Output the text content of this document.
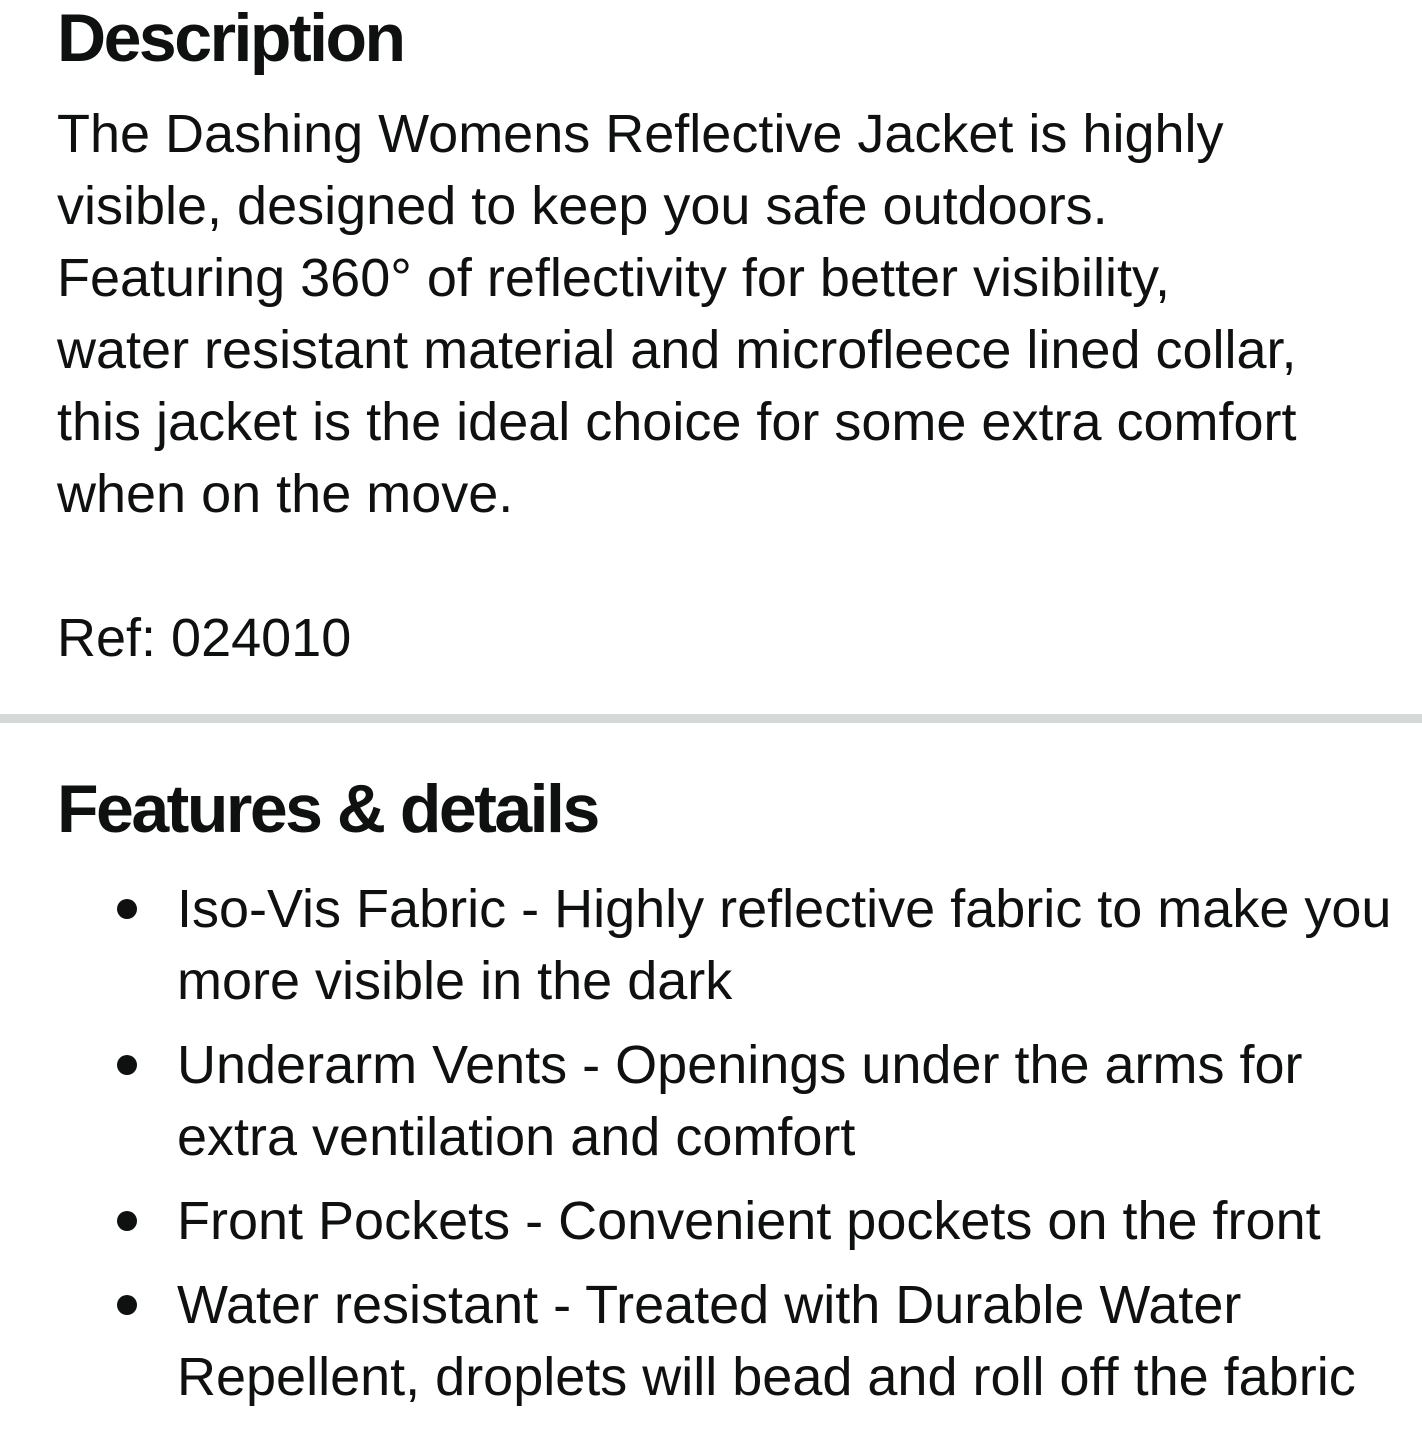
Description
The Dashing Womens Reflective Jacket is highly visible, designed to keep you safe outdoors. Featuring 360° of reflectivity for better visibility, water resistant material and microfleece lined collar, this jacket is the ideal choice for some extra comfort when on the move.
Ref: 024010
Features & details
Iso-Vis Fabric - Highly reflective fabric to make you more visible in the dark
Underarm Vents - Openings under the arms for extra ventilation and comfort
Front Pockets - Convenient pockets on the front
Water resistant - Treated with Durable Water Repellent, droplets will bead and roll off the fabric
